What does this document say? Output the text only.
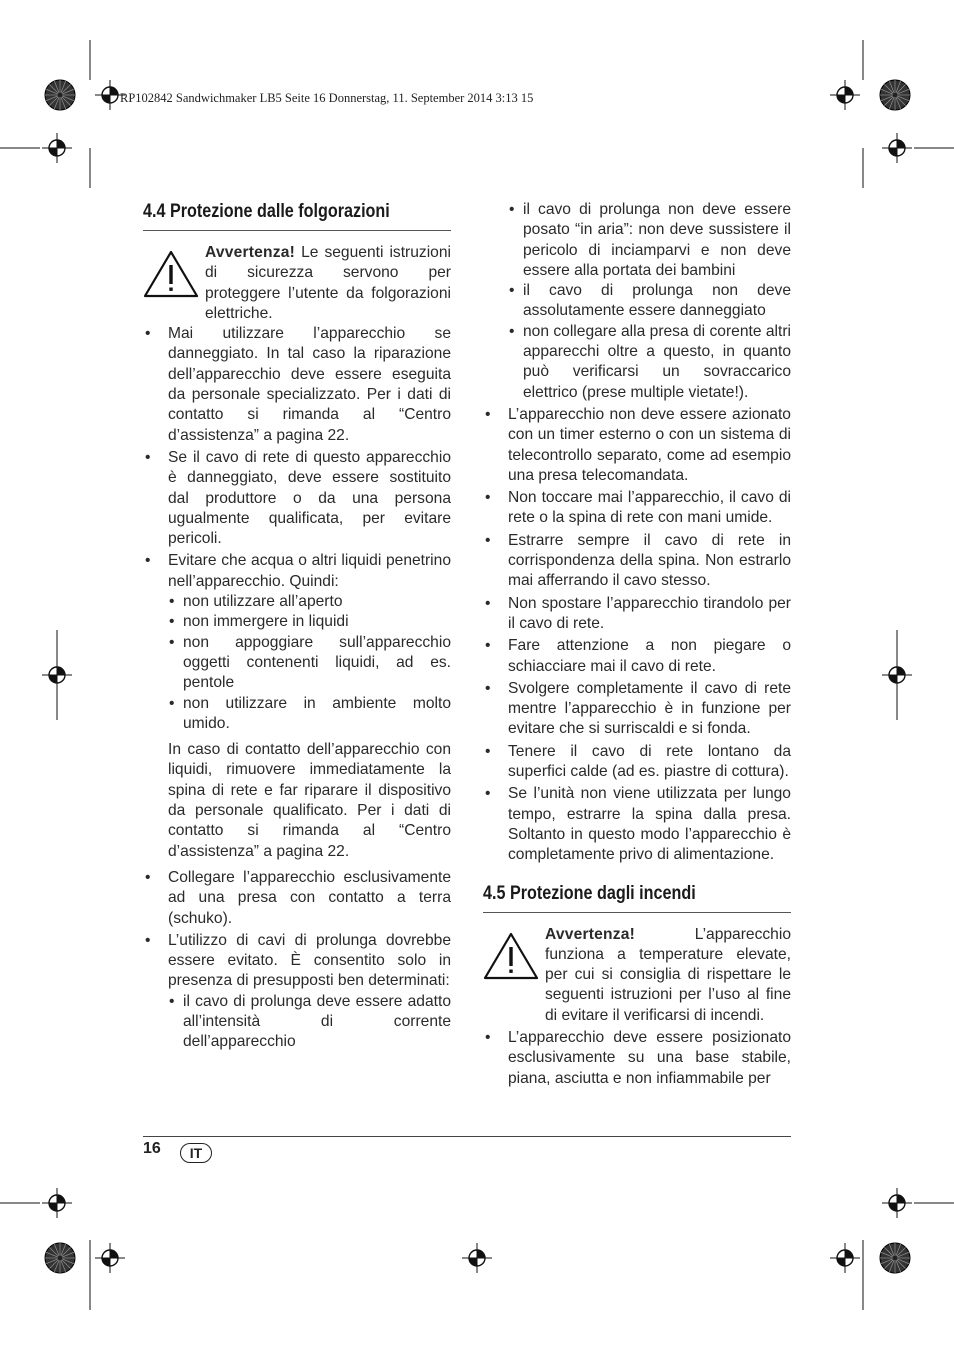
RP102842 Sandwichmaker LB5 Seite 16 Donnerstag, 11. September 2014 3:13 15
4.4 Protezione dalle folgorazioni
Avvertenza! Le seguenti istruzioni di sicurezza servono per proteggere l’utente da folgorazioni elettriche.
• Mai utilizzare l’apparecchio se danneggiato. In tal caso la riparazione dell’apparecchio deve essere eseguita da personale specializzato. Per i dati di contatto si rimanda al “Centro d’assistenza” a pagina 22.
• Se il cavo di rete di questo apparecchio è danneggiato, deve essere sostituito dal produttore o da una persona ugualmente qualificata, per evitare pericoli.
• Evitare che acqua o altri liquidi penetrino nell’apparecchio. Quindi:
• non utilizzare all’aperto
• non immergere in liquidi
• non appoggiare sull’apparecchio oggetti contenenti liquidi, ad es. pentole
• non utilizzare in ambiente molto umido.

In caso di contatto dell’apparecchio con liquidi, rimuovere immediatamente la spina di rete e far riparare il dispositivo da personale qualificato. Per i dati di contatto si rimanda al “Centro d’assistenza” a pagina 22.

• Collegare l’apparecchio esclusivamente ad una presa con contatto a terra (schuko).
• L’utilizzo di cavi di prolunga dovrebbe essere evitato. È consentito solo in presenza di presupposti ben determinati:
• il cavo di prolunga deve essere adatto all’intensità di corrente dell’apparecchio
• il cavo di prolunga non deve essere posato “in aria”: non deve sussistere il pericolo di inciamparvi e non deve essere alla portata dei bambini
• il cavo di prolunga non deve assolutamente essere danneggiato
• non collegare alla presa di corente altri apparecchi oltre a questo, in quanto può verificarsi un sovraccarico elettrico (prese multiple vietate!).
• L’apparecchio non deve essere azionato con un timer esterno o con un sistema di telecontrollo separato, come ad esempio una presa telecomandata.
• Non toccare mai l’apparecchio, il cavo di rete o la spina di rete con mani umide.
• Estrarre sempre il cavo di rete in corrispondenza della spina. Non estrarlo mai afferrando il cavo stesso.
• Non spostare l’apparecchio tirandolo per il cavo di rete.
• Fare attenzione a non piegare o schiacciare mai il cavo di rete.
• Svolgere completamente il cavo di rete mentre l’apparecchio è in funzione per evitare che si surriscaldi e si fonda.
• Tenere il cavo di rete lontano da superfici calde (ad es. piastre di cottura).
• Se l’unità non viene utilizzata per lungo tempo, estrarre la spina dalla presa. Soltanto in questo modo l’apparecchio è completamente privo di alimentazione.
4.5 Protezione dagli incendi
Avvertenza! L’apparecchio funziona a temperature elevate, per cui si consiglia di rispettare le seguenti istruzioni per l’uso al fine di evitare il verificarsi di incendi.
• L’apparecchio deve essere posizionato esclusivamente su una base stabile, piana, asciutta e non infiammabile per
16	IT
